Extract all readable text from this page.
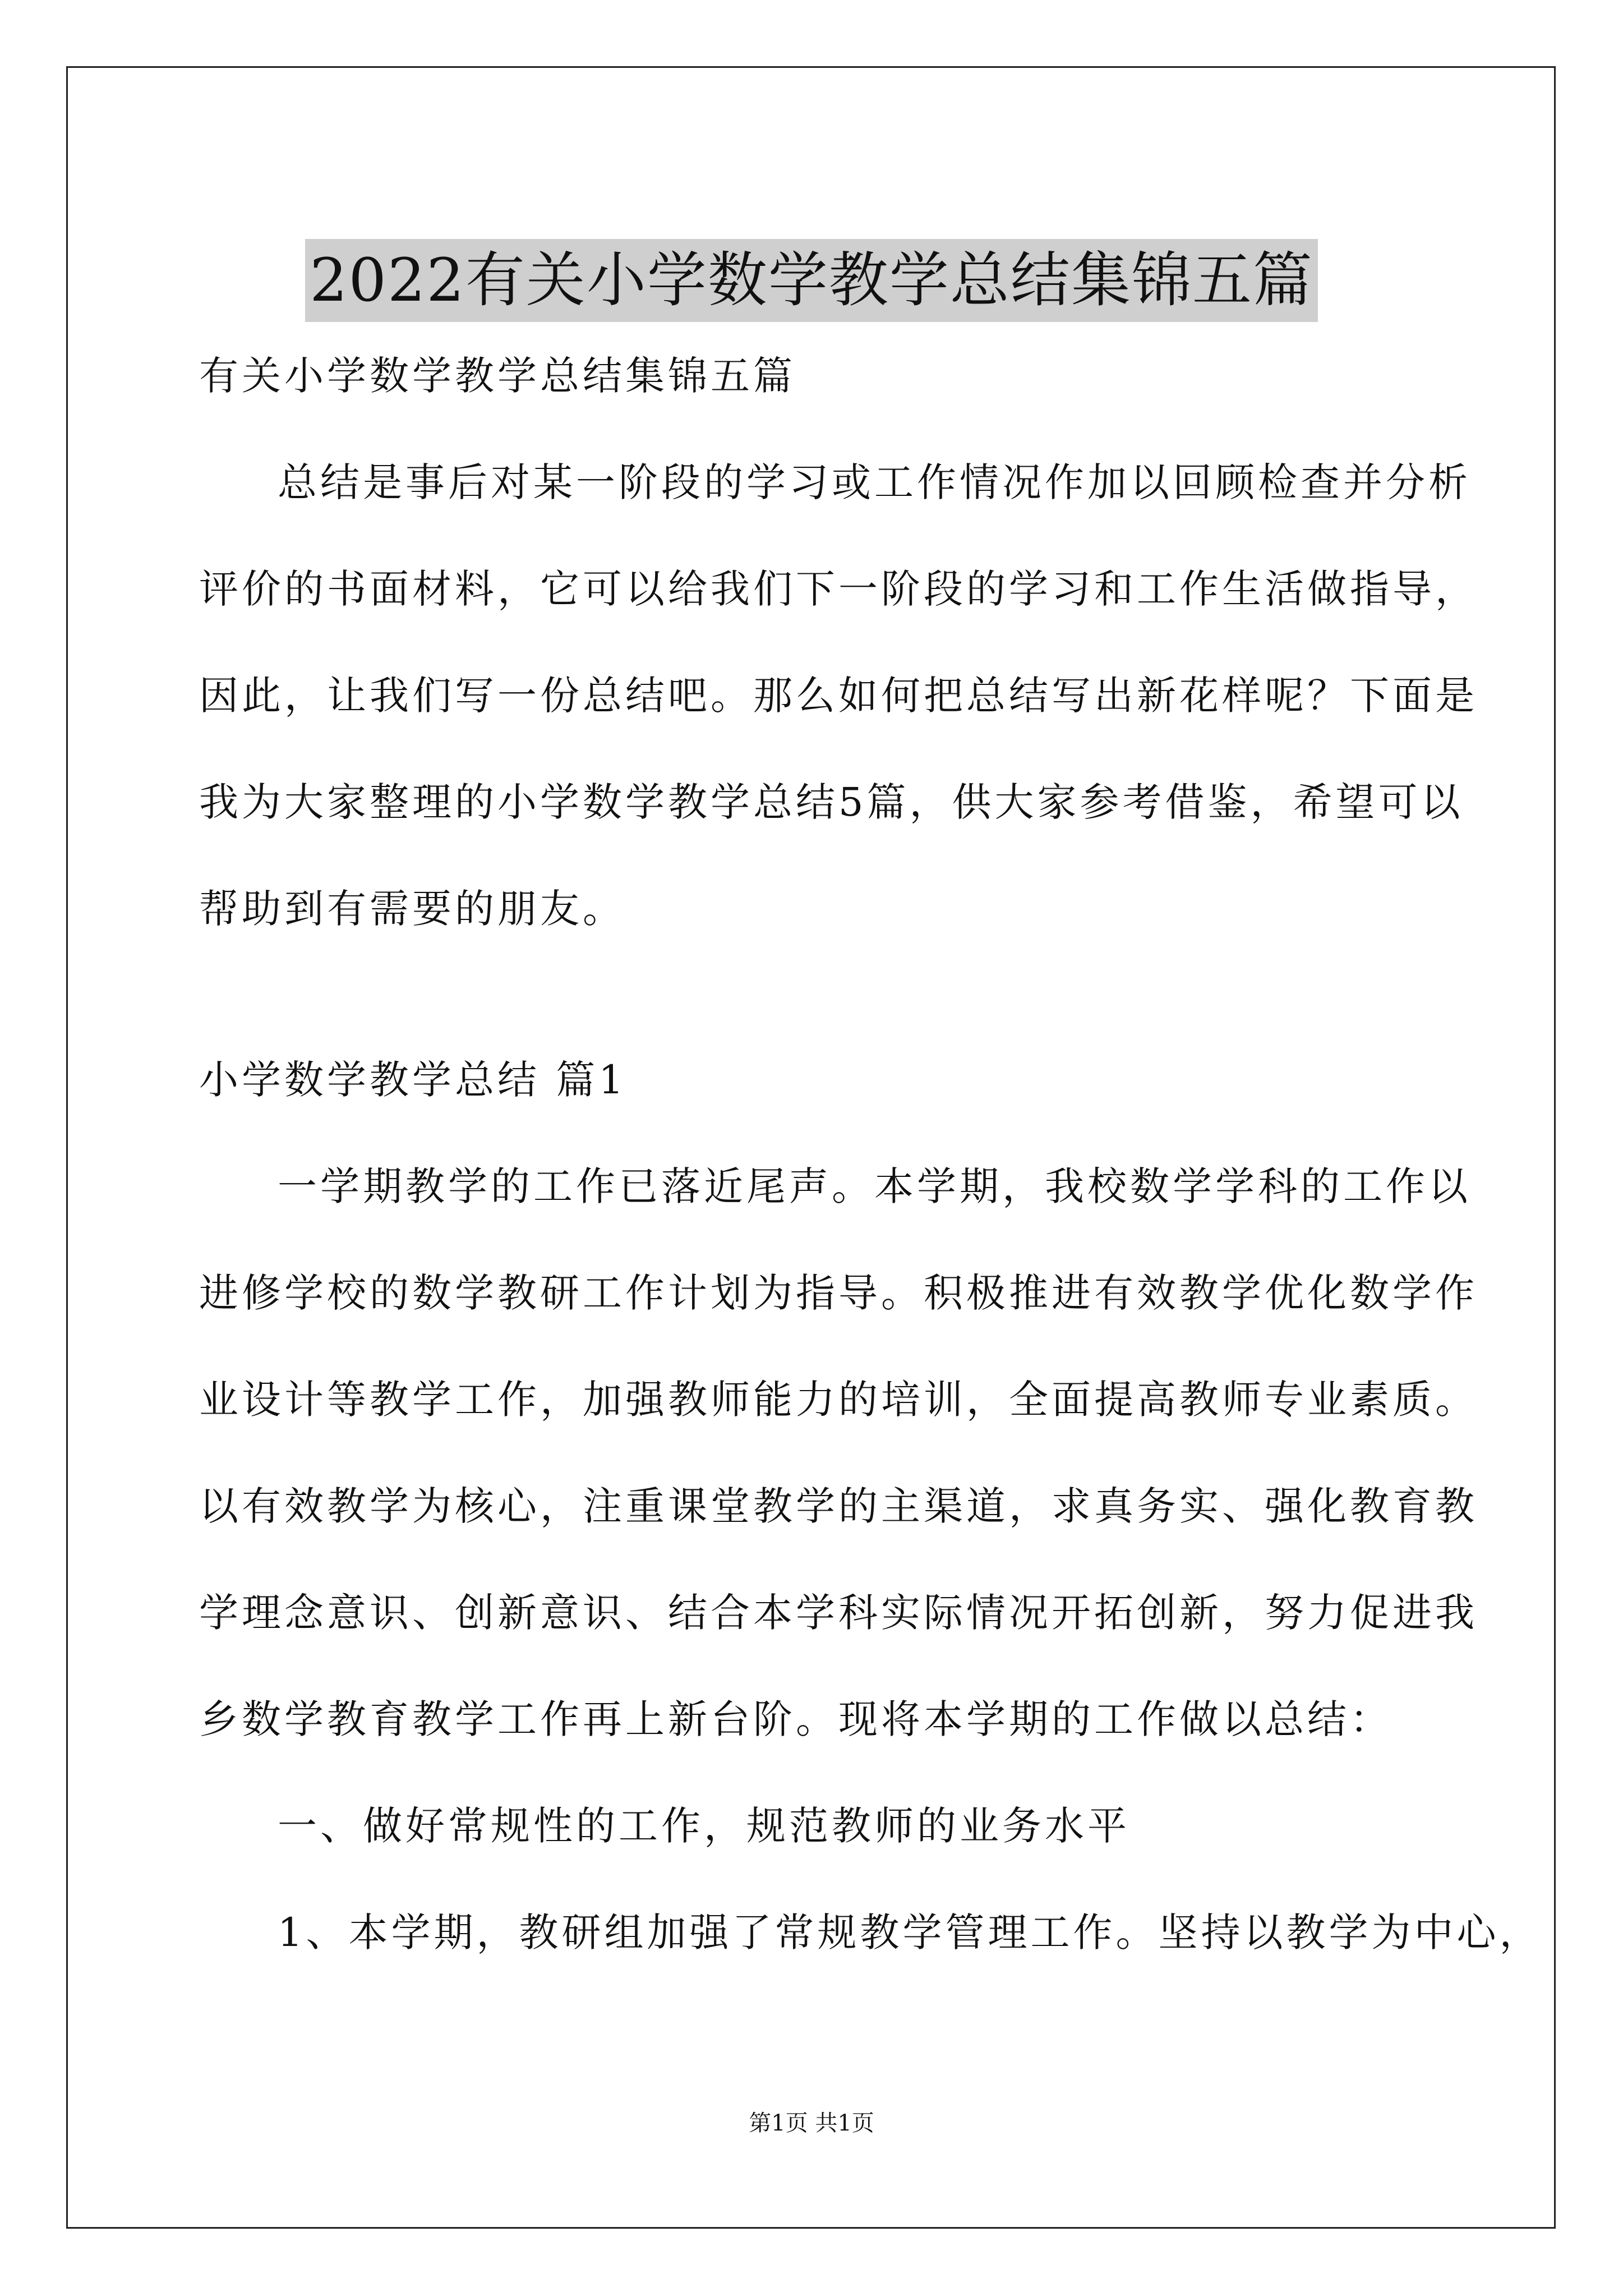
2022有关小学数学教学总结集锦五篇
有关小学数学教学总结集锦五篇
总结是事后对某一阶段的学习或工作情况作加以回顾检查并分析
评价的书面材料，它可以给我们下一阶段的学习和工作生活做指导，
因此，让我们写一份总结吧。那么如何把总结写出新花样呢？下面是
我为大家整理的小学数学教学总结5篇，供大家参考借鉴，希望可以
帮助到有需要的朋友。
小学数学教学总结 篇1
一学期教学的工作已落近尾声。本学期，我校数学学科的工作以
进修学校的数学教研工作计划为指导。积极推进有效教学优化数学作
业设计等教学工作，加强教师能力的培训，全面提高教师专业素质。
以有效教学为核心，注重课堂教学的主渠道，求真务实、强化教育教
学理念意识、创新意识、结合本学科实际情况开拓创新，努力促进我
乡数学教育教学工作再上新台阶。现将本学期的工作做以总结：
一、做好常规性的工作，规范教师的业务水平
1、本学期，教研组加强了常规教学管理工作。坚持以教学为中心，
第1页 共1页
